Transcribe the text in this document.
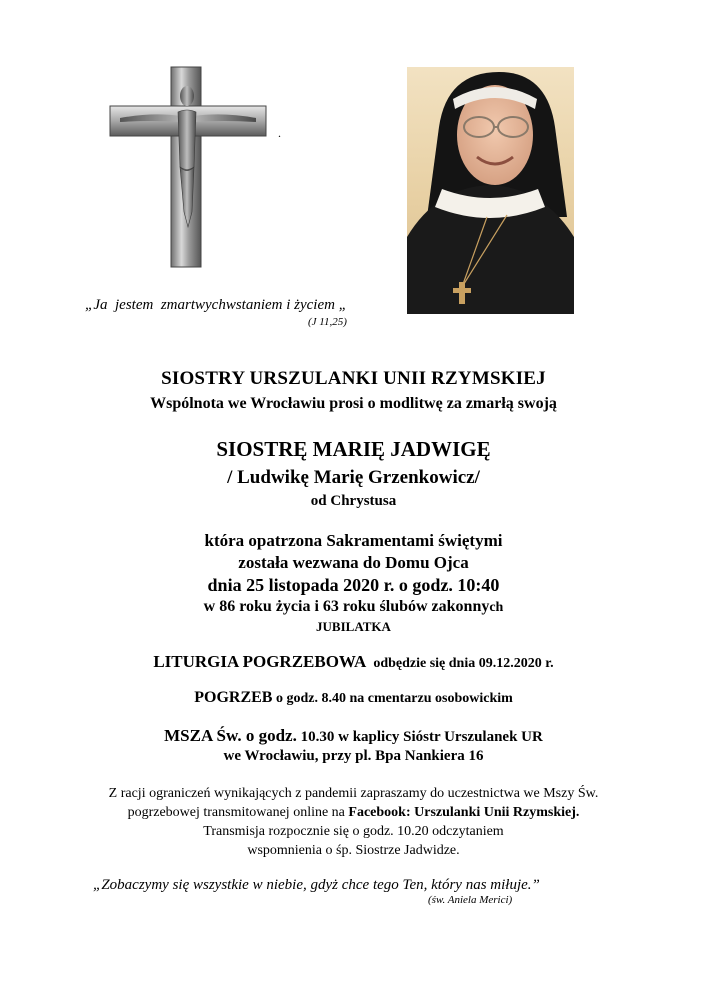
.
„Ja  jestem  zmartwychwstaniem i życiem „
(J 11,25)
SIOSTRY URSZULANKI UNII RZYMSKIEJ
Wspólnota we Wrocławiu prosi o modlitwę za zmarłą swoją
SIOSTRĘ MARIĘ JADWIGĘ
/ Ludwikę Marię Grzenkowicz/
od Chrystusa
która opatrzona Sakramentami świętymi
została wezwana do Domu Ojca
dnia 25 listopada 2020 r. o godz. 10:40
w 86 roku życia i 63 roku ślubów zakonnych
JUBILATKA
LITURGIA POGRZEBOWA  odbędzie się dnia 09.12.2020 r.
POGRZEB o godz. 8.40 na cmentarzu osobowickim
MSZA Św. o godz. 10.30 w kaplicy Sióstr Urszulanek UR
we Wrocławiu, przy pl. Bpa Nankiera 16
Z racji ograniczeń wynikających z pandemii zapraszamy do uczestnictwa we Mszy Św.
pogrzebowej transmitowanej online na Facebook: Urszulanki Unii Rzymskiej.
Transmisja rozpocznie się o godz. 10.20 odczytaniem
wspomnienia o śp. Siostrze Jadwidze.
„Zobaczymy się wszystkie w niebie, gdyż chce tego Ten, który nas miłuje.”
(św. Aniela Merici)
